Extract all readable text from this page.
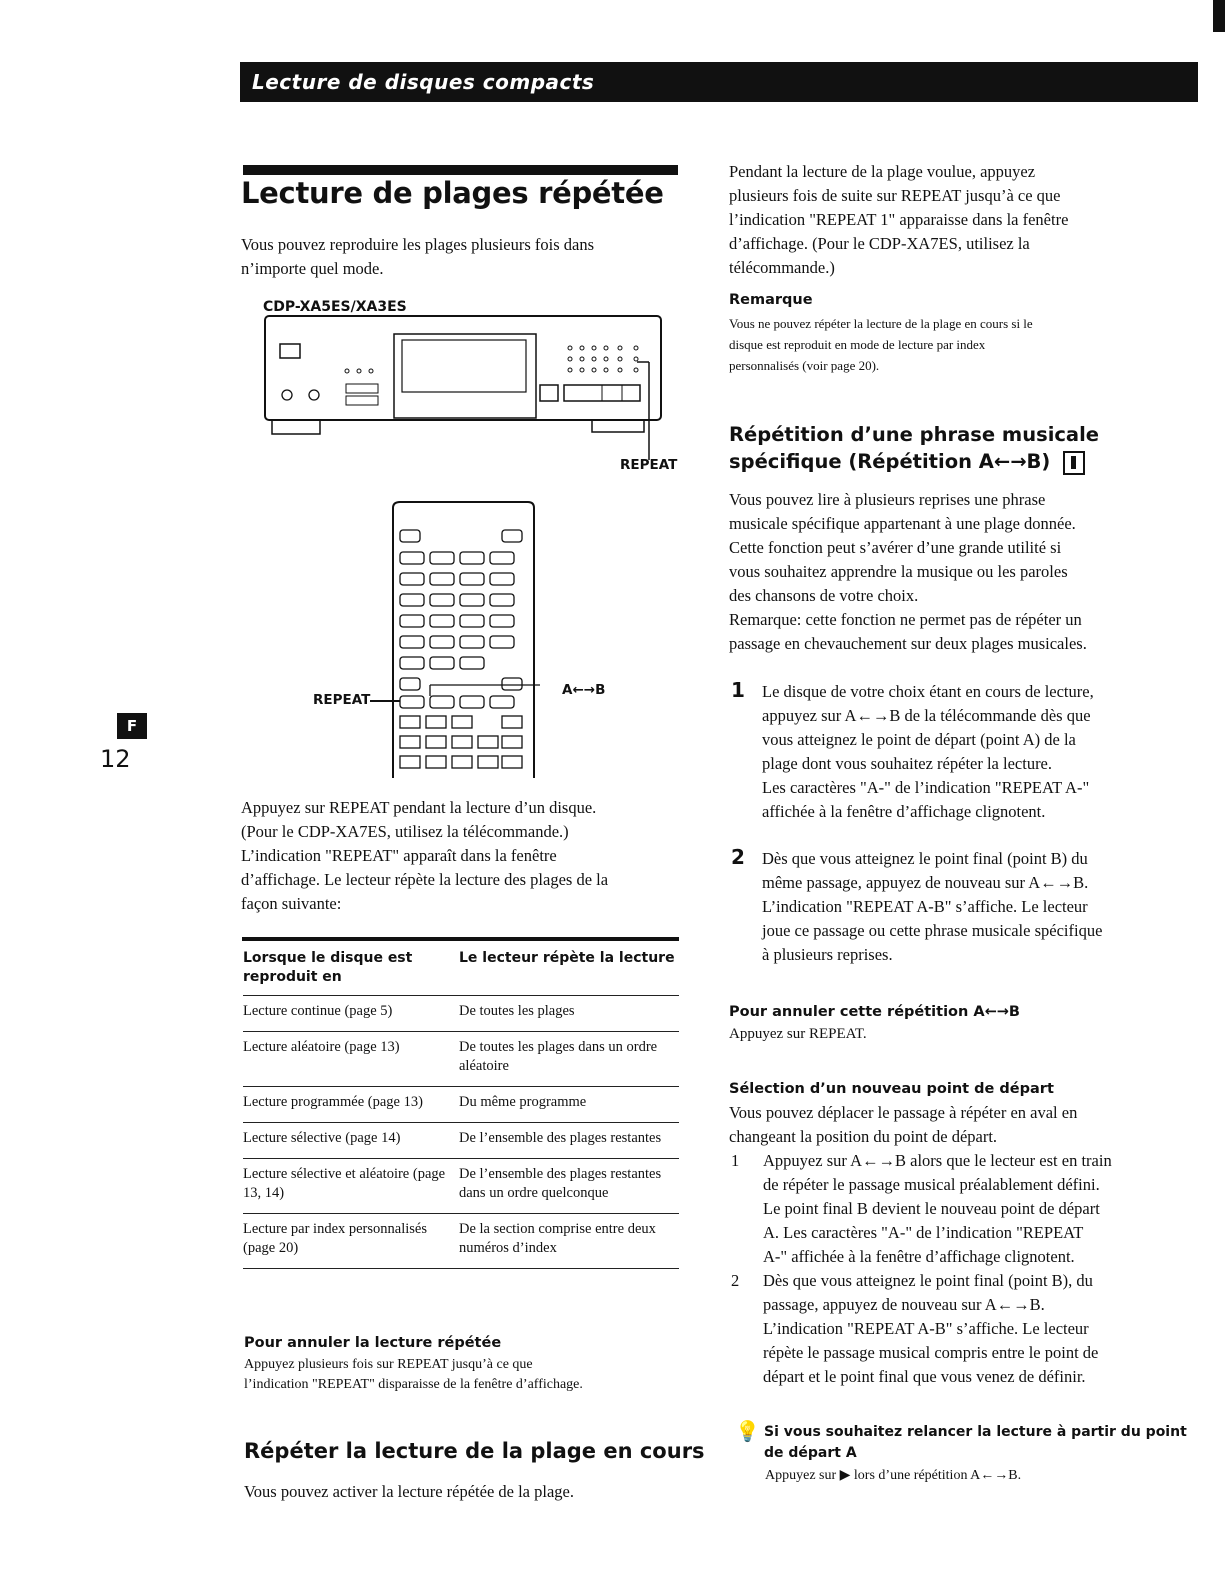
Lecture de disques compacts
F
12
Lecture de plages répétée
Vous pouvez reproduire les plages plusieurs fois dans
n’importe quel mode.
CDP-XA5ES/XA3ES
REPEAT
REPEAT
A←→B
Appuyez sur REPEAT pendant la lecture d’un disque.
(Pour le CDP-XA7ES, utilisez la télécommande.)
L’indication "REPEAT" apparaît dans la fenêtre
d’affichage. Le lecteur répète la lecture des plages de la
façon suivante:
Lorsque le disque est reproduit en	Le lecteur répète la lecture
Lecture continue (page 5)	De toutes les plages
Lecture aléatoire (page 13)	De toutes les plages dans un ordre aléatoire
Lecture programmée (page 13)	Du même programme
Lecture sélective (page 14)	De l’ensemble des plages restantes
Lecture sélective et aléatoire (page 13, 14)	De l’ensemble des plages restantes dans un ordre quelconque
Lecture par index personnalisés (page 20)	De la section comprise entre deux numéros d’index
Pour annuler la lecture répétée
Appuyez plusieurs fois sur REPEAT jusqu’à ce que
l’indication "REPEAT" disparaisse de la fenêtre d’affichage.
Répéter la lecture de la plage en cours
Vous pouvez activer la lecture répétée de la plage.
Pendant la lecture de la plage voulue, appuyez
plusieurs fois de suite sur REPEAT jusqu’à ce que
l’indication "REPEAT 1" apparaisse dans la fenêtre
d’affichage. (Pour le CDP-XA7ES, utilisez la
télécommande.)
Remarque
Vous ne pouvez répéter la lecture de la plage en cours si le
disque est reproduit en mode de lecture par index
personnalisés (voir page 20).
Répétition d’une phrase musicale
spécifique (Répétition A←→B)
Vous pouvez lire à plusieurs reprises une phrase
musicale spécifique appartenant à une plage donnée.
Cette fonction peut s’avérer d’une grande utilité si
vous souhaitez apprendre la musique ou les paroles
des chansons de votre choix.
Remarque: cette fonction ne permet pas de répéter un
passage en chevauchement sur deux plages musicales.
1 Le disque de votre choix étant en cours de lecture,
appuyez sur A←→B de la télécommande dès que
vous atteignez le point de départ (point A) de la
plage dont vous souhaitez répéter la lecture.
Les caractères "A-" de l’indication "REPEAT A-"
affichée à la fenêtre d’affichage clignotent.
2 Dès que vous atteignez le point final (point B) du
même passage, appuyez de nouveau sur A←→B.
L’indication "REPEAT A-B" s’affiche. Le lecteur
joue ce passage ou cette phrase musicale spécifique
à plusieurs reprises.
Pour annuler cette répétition A←→B
Appuyez sur REPEAT.
Sélection d’un nouveau point de départ
Vous pouvez déplacer le passage à répéter en aval en
changeant la position du point de départ.
1 Appuyez sur A←→B alors que le lecteur est en train
de répéter le passage musical préalablement défini.
Le point final B devient le nouveau point de départ
A. Les caractères "A-" de l’indication "REPEAT
A-" affichée à la fenêtre d’affichage clignotent.
2 Dès que vous atteignez le point final (point B), du
passage, appuyez de nouveau sur A←→B.
L’indication "REPEAT A-B" s’affiche. Le lecteur
répète le passage musical compris entre le point de
départ et le point final que vous venez de définir.
💡 Si vous souhaitez relancer la lecture à partir du point
de départ A
Appuyez sur ▶ lors d’une répétition A←→B.
